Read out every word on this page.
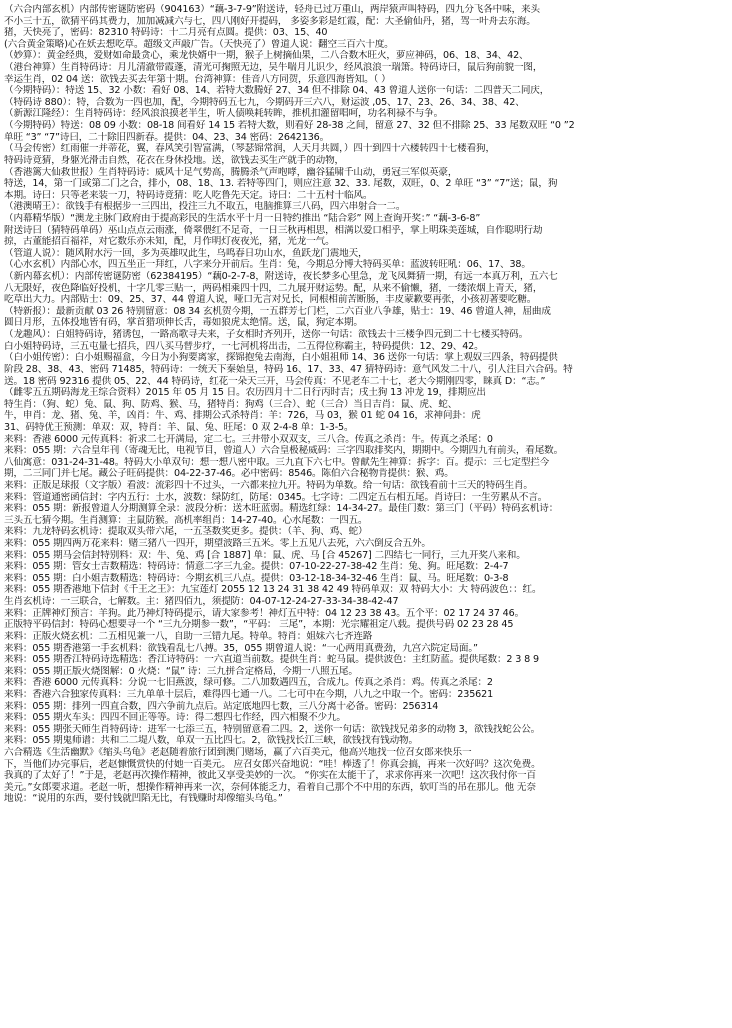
（六合内部玄机）内部传密谜防密码（904163）“藕-3-7-9”附送诗，轻舟已过万重山，两岸猿声叫特码，四九分飞各中味，来头
不小三十五，欲猜平码其费力，加加减减六与七，四八刚好开提码， 多姿多彩是红霞，配：大圣偷仙丹，猪，驾一叶舟去东海。
猪，天快亮了，密码：82310 特码诗：十二月亮有点圆。提供：03、15、40
(六合黄金策略)心在妖去想吃草。超级文声敲广告。（天快亮了）曾道人说：翻空三百六十度。
（妙算）：黄金经典，爱财如命最贪心，乘龙快婿中一期，猴子上树摘仙果，二八合数木旺火，萝应神码，06、18、34、42、
（港台神算）生肖特码诗：月儿清澈带霞蓬，清光可掬照无边，吴牛喘月儿识少，经风浪浪一瑞箫。特码诗曰，鼠后狗前貌一图，
幸运生肖，02 04 送：欲钱去买去年第十期。台湾神算：佳音八方同贺，乐意四海皆知。（ ）
（今期特码）：特送 15、32 小数：看好 08、14、若特大数腾好 27、34 但不排除 04、43 曾道人送你一句话：二四普天二同庆，
（特码诗 880）：特，合数为一四也加，配，今期特码五七九，今期码开三六八，财运波 ,05、17、23、26、34、38、42、
（新源江隆经）：生肖特码诗：经风浪浪摸老半生，听人债唤耗转眸，推机扣灌留唱呵，功名利禄不与争。
（今期特码）特送：08 09 小数：08-18 间看好 14 15 若特大数，则看好 28-38 之间，留意 27、32 但不排除 25、33 尾数双旺 “0 ”2
单旺 “3” “7”诗曰，二十除旧四新春。提供：04、23、34 密码：2642136。
（马会传密）红雨催一并蒂花，翼，春风笑引智富满，（琴瑟锦常润，人天月共圆，）四十到四十六楼转四十七楼看狗，
特码诗竟猜，身躯光滑击自然，花衣在身休投地。送，欲钱去买生产就手的动物，
（香港篱大仙救世报）生肖特码诗：威风十足气势高，腾腾杀气声咆哮，幽谷猛啸千山动，勇冠三军似英豪，
特送，14，第一门或第二门之合，排小，08、18、13. 若特等四门，则应注意 32、33. 尾数，双旺，0、2 单旺 “3” “7”送；鼠，狗
本期。诗曰：只等老来装一刀，特码诗竟猜：吃人吃鲁先天定。诗曰：二十五村十临风。
（港澳晴王）：欲钱手有根据步一三四出，投注三九不取五，电脑推算三八码，四六串射合一二。
（内幕精华版）“澳龙主脉门政府由于提高彩民的生活水平十月一日特约推出 “陆合彩” 网上查询开奖：” “藕-3-6-8”
附送诗曰（猜特码单码）巫山点点云雨涨，倚翠偎红不足奇，一日三秋再相思，相满以爱口相乎，掌上明珠美莲城，自作聪明行劫
掠，古董能招百福祥，对它数乐亦未知，配，月作明灯夜夜光，猪，光龙一气。
（管道人说）：随风附水污一回，多为英雄叹此生，乌鸣春日功山水，鱼跃龙门震地天，
（心水玄机）内部心水，四五坐正一拜红，八字来分开前后。生肖：兔，今期总分博大特码买单：蓝波转旺吼：06、17、38。
（新内幕玄机）：内部传密谜防密（62384195）“藕0-2-7-8，附送诗，夜长梦多心里急，龙飞凤舞猜一期，有远一本真万利，五六七
八无限好，夜色降临好投机，十字几零三贴一，两码相乘四十四，二九展开财运势。配，从来不偷懒，猪，一缕浓烟上青天，猪，
吃草出大力。内部贴士：09、25、37、44 曾道人说，哑口无言对兄长，同根相前苦断肠，丰皮蒙歉要再张，小孩初著要吃糖。
（特新报）：最新贡献 03 26 特别留意：08 34 玄机贺今期，一五群芳七门栏，二六百业八争雄，贴士：19、46 曾道人神，屈曲成
圆日月形，五体投地皆有码，掌首猎项伸长舌，毒如狼虎太绝情。送，鼠，狗定本期。
（龙趣风）：白姐特码诗，猪诱包，一路高歌寻夫来，子女相时齐列开，送你一句话：欲钱去十三楼争四元到二十七楼买特码。
白小姐特码诗，三五屯量七招兵，四八买马替步疗，一七河机将出击，二五得位称霸主，特码提供：12、29、42。
（白小姐传密）：白小姐赐福盒，今日为小狗要离家，探锦抱兔去南海，白小姐祖师 14、36 送你一句话：掌上观奴三四条，特码提供
阶段 28、38、43、密码 71485，特码诗：一统天下秦始皇，特码 16、17、33、47 猜特码诗：意气风发二十八，引人注目六合码。特
送。18 密码 92316 提供 05、22、44 特码诗，红花一朵天三开，马会传真：不见老车二十七，老大今期刚四零，睐真 D：“志。”
（雌零五五期码海龙王综合资料）2015 年 05 月 15 日。农历四月十二日行丙时吉；戌土狗 13 冲龙 19，排期应出
特生肖：（狗、蛇）兔、鼠、狗、防鸡、猴、马，猪特肖：狗鸡（三合）、蛇（三合）当日吉肖：鼠、虎、蛇、
牛，申肖：龙、猪、兔、羊，凶肖：牛、鸡、排期公式杀特肖：羊：726，马 03，猴 01 蛇 04 16，求神问卦：虎
31、码特优王预测：单双：双，特肖：羊、鼠、兔、旺尾：0 双 2-4-8 单：1-3-5。
来料：香港 6000 元传真料：祈求二七开满局，定二七。三井带小双双支，三八合。传真之杀肖：牛。传真之杀尾：0
来料：055 期：六合皇年刊（寄魂无比，电视节目，曾道人）六合皇极秘威码：三字四取排奖内，期期中。今期四九有前头，看尾数。
八仙寓意：031-24-31-48。特码大小单双句：想一想八密中取。三九直下六七中。曾献先生神算：拆字：百。提示：三七定型拦今
期，二三同门并七尾。藏公子旺码提供：04-22-37-46。必中密码：8546。陈伯六合秘物肯提供：猴、鸡。
来料：正版足球报（文字版）看波：流彩四十不过头，一六都来拉九开。特码为单数。给一句话：欲钱看前十三天的特码生肖。
来料：管道通密函信封：字内五行：土水，波数：绿防红，防尾：0345。七字诗：二四定五右相五尾。肖诗曰：一生劳累从不言。
来料：055 期：新报曾道人分期测算全录：波段分析：送木旺蓝弱。精选红绿：14-34-27。最佳门数：第三门（平码）特码玄机诗：
三头五七猜今期。生肖测算：主鼠防猴。高机率组肖：14-27-40。心水尾数：一四五。
来料：九龙特码玄机诗：提取双头带六尾，一五茎数奖更多。提供：（羊、狗、鸡、蛇）
来料：055 期四两万花来料：赌三猪八一四开，期望波路三五米。零上五见八去死，六六倒反合五外。
来料：055 期马会信封特别料：双：牛、兔、鸡 [合 1887] 单：鼠、虎、马 [合 45267] 二四结七一同行，三九开奖八来和。
来料：055 期：管女士吉数精选：特码诗：情意二字三九金。提供：07-10-22-27-38-42 生肖：兔、狗。旺尾数：2-4-7
来料：055 期：白小姐吉数精选：特码诗：今期玄机三八点。提供：03-12-18-34-32-46 生肖：鼠、马。旺尾数：0-3-8
来料：055 期香港地下信封《千王之王》：九宝莲灯 2055 12 13 24 31 38 42 49 特码单双：双 特码大小：大 特码波色：：红。
生肖玄机诗：一三联合，七解数。主：猪四佰九，须提防：04-07-12-24-27-33-34-38-42-47
来料：正牌神灯预言：羊狗。此乃神灯特码提示，请大家参考！神灯五中特：04 12 23 38 43。五个平：02 17 24 37 46。
正版特平码信封：特码心想要寻一个 “三九分期参一数”，“平码： 三尾”，本期：光宗耀祖定八载。提供号码 02 23 28 45
来料：正版火烧玄机：二五相见兼一八，自助一三错九尾。特单。特肖：姐妹六七齐连路
来料：055 期香港第一手玄机料：欲钱看乱七八搏。35，055 期曾道人说：“一心两用真费劲，九宫六院定局面。”
来料：055 期香江特码诗选精选：香江诗特码：一六直道当前数。提供生肖：蛇马鼠。提供波色：主红防蓝。提供尾数：2 3 8 9
来料：055 期正版火烧图解：0 火烧：“鼠” 诗：三九拼合定格局，今期一八照五尾。
来料：香港 6000 元传真料：分说一七旧燕波，绿可修。二八加数遇四五，合成九。传真之杀肖：鸡。传真之杀尾：2
来料：香港六合独家传真料：三九单单十层后，难得四七通一八。二七可中在今期，八九之中取一个。密码：235621
来料：055 期：排列一四直合数，四六争前九点后。站定底地四七数，三八分离十必备。密码：256314
来料：055 期火车头：四四不回正等等。诗：得二想四七作经，四六相聚不少九。
来料：055 期张天师生肖特码诗：进军一七添三五，特别留意看二四。2，送你一句话：欲钱找兄弟多的动物 3，欲钱找蛇公公。
来料：055 期鬼师谱：共和二二堤八数，单双一五比四七。2，欲钱找长江三峡，欲钱找有钱动物。
六合精选《生活幽默》《缩头乌龟》老赵随着旅行团到澳门赌场，赢了六百美元，他高兴地找一位召女郎来快乐一
下，当他们办完事后，老赵慷慨赏快的付她一百美元。 应召女郎兴奋地说：“哇！棒透了！你真会搞，再来一次好吗？这次免费。
我真的了太好了！”于是，老赵再次操作精神，彼此又享受美妙的一次。 “你实在太能干了，求求你再来一次吧！这次我付你一百
美元。”女郎要求道。老赵一听，想操作精神再来一次，奈何体能乏力，看着自己那个不中用的东西，软叮当的吊在那儿。他 无奈
地说：“说用的东西，要付钱就凹陷无比，有钱赚时却像缩头乌龟。”
